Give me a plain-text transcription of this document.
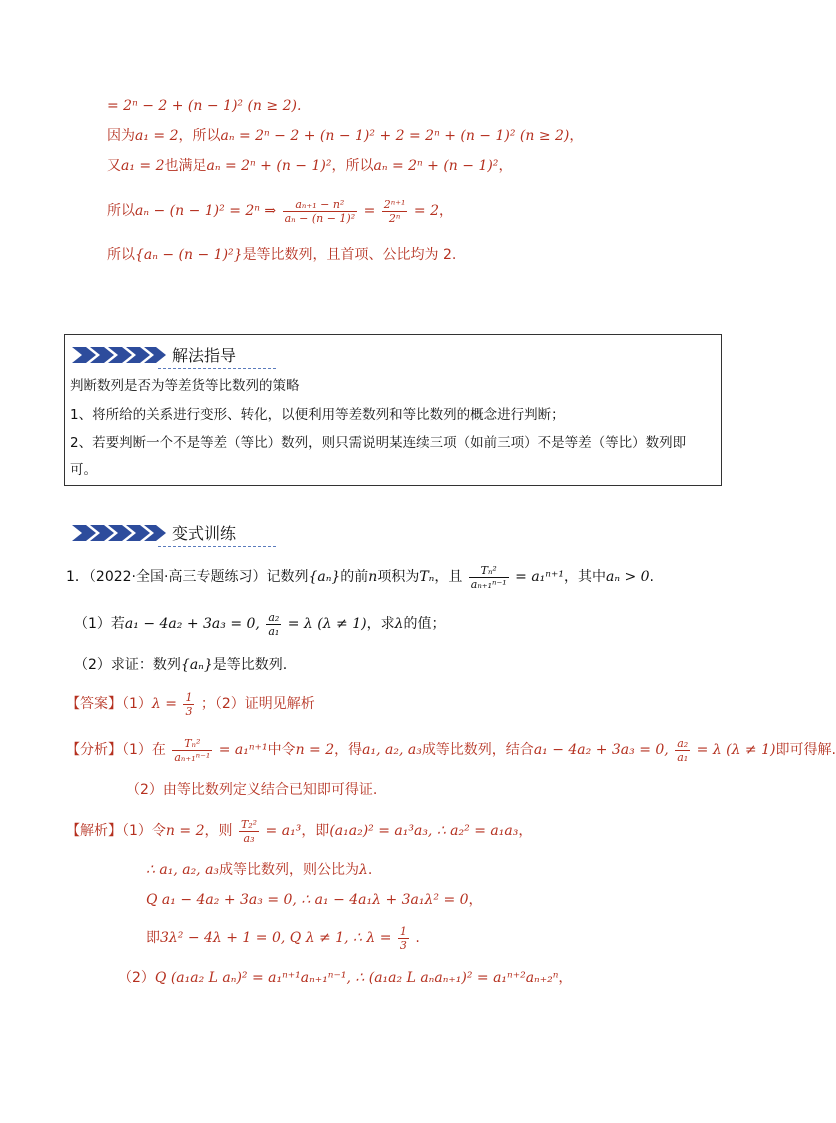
= 2ⁿ − 2 + (n − 1)² (n ≥ 2).
因为a₁ = 2，所以aₙ = 2ⁿ − 2 + (n − 1)² + 2 = 2ⁿ + (n − 1)² (n ≥ 2)，
又a₁ = 2也满足aₙ = 2ⁿ + (n − 1)²，所以aₙ = 2ⁿ + (n − 1)²，
所以aₙ − (n − 1)² = 2ⁿ ⇒ $\frac{\text{aₙ₊₁ − n²}}{\text{aₙ − (n − 1)²}} = \frac{\text{2ⁿ⁺¹}}{\text{2ⁿ}} = 2$，
所以{aₙ − (n − 1)²}是等比数列，且首项、公比均为 2.
解法指导
判断数列是否为等差货等比数列的策略
1、将所给的关系进行变形、转化，以便利用等差数列和等比数列的概念进行判断；
2、若要判断一个不是等差（等比）数列，则只需说明某连续三项（如前三项）不是等差（等比）数列即
可。
变式训练
1．（2022·全国·高三专题练习）记数列{aₙ}的前n项积为Tₙ，且 $\frac{\text{Tₙ²}}{\text{aₙ₊₁ⁿ⁻¹}} = a_1^{n+1}$，其中aₙ > 0.
（1）若a₁ − 4a₂ + 3a₃ = 0, $\frac{\text{a₂}}{\text{a₁}} = \lambda$ (λ ≠ 1)，求λ的值；
（2）求证：数列{aₙ}是等比数列.
【答案】$(1)\lambda = \frac{1}{3}$ ；（2）证明见解析
【分析】（1）在 $\frac{\text{Tₙ²}}{\text{aₙ₊₁ⁿ⁻¹}} = a_1^{n+1}$中令n = 2，得a₁, a₂, a₃成等比数列，结合a₁ − 4a₂ + 3a₃ = 0, $\frac{\text{a₂}}{\text{a₁}} = \lambda$ (λ ≠ 1)即可得解.
（2）由等比数列定义结合已知即可得证.
【解析】（1）令n = 2，则 $\frac{\text{T₂²}}{\text{a₃}} = a_1^3$，即(a₁a₂)² = a₁³a₃, ∴ a₂² = a₁a₃，
∴ a₁, a₂, a₃成等比数列，则公比为λ.
Q a₁ − 4a₂ + 3a₃ = 0, ∴ a₁ − 4a₁λ + 3a₁λ² = 0，
即3λ² − 4λ + 1 = 0, Q λ ≠ 1, ∴ $\lambda = \frac{1}{3}$ .
（2）Q (a₁a₂ L aₙ)² = a₁ⁿ⁺¹aₙ₊₁ⁿ⁻¹, ∴ (a₁a₂ L aₙaₙ₊₁)² = a₁ⁿ⁺²aₙ₊₂ⁿ，
